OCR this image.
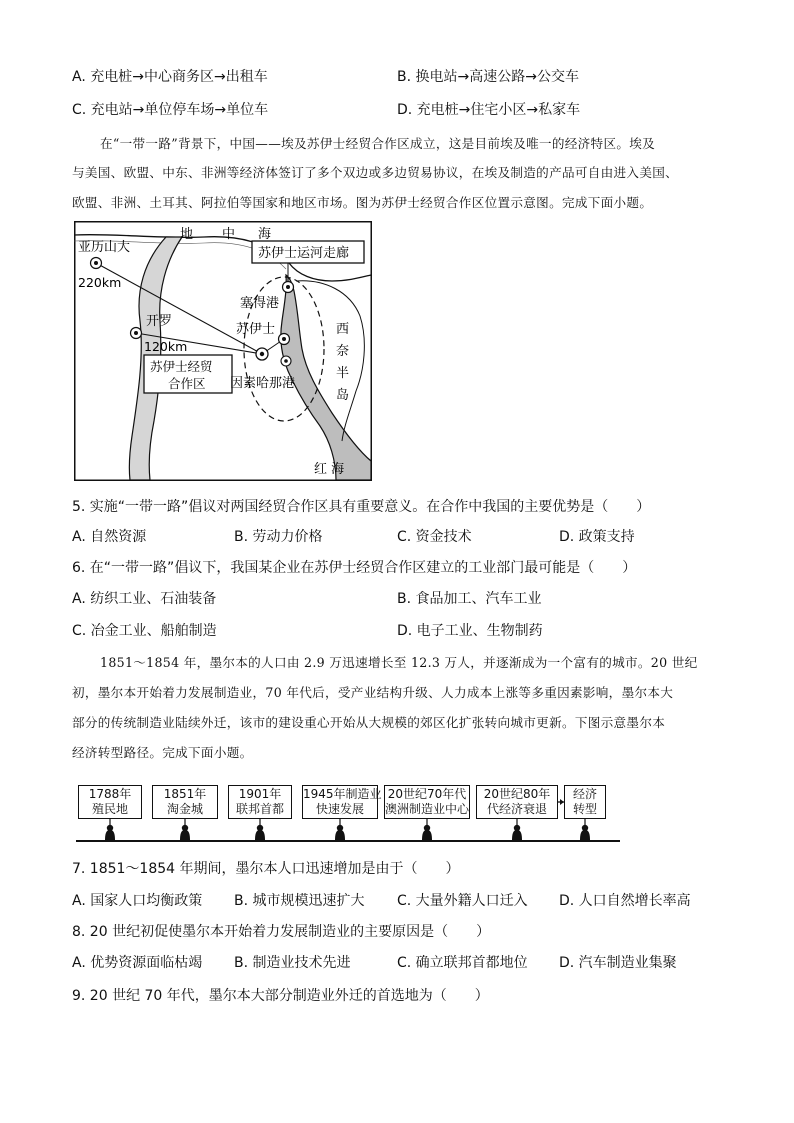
A. 充电桩→中心商务区→出租车	B. 换电站→高速公路→公交车
C. 充电站→单位停车场→单位车	D. 充电桩→住宅小区→私家车
在“一带一路”背景下，中国——埃及苏伊士经贸合作区成立，这是目前埃及唯一的经济特区。埃及
与美国、欧盟、中东、非洲等经济体签订了多个双边或多边贸易协议，在埃及制造的产品可自由进入美国、
欧盟、非洲、土耳其、阿拉伯等国家和地区市场。图为苏伊士经贸合作区位置示意图。完成下面小题。
地 中 海
亚历山大
220km
开罗
120km
苏伊士运河走廊
塞得港
苏伊士
苏伊士经贸
合作区 因素哈那港
西
奈
半
岛
红 海
5. 实施“一带一路”倡议对两国经贸合作区具有重要意义。在合作中我国的主要优势是（　　）
A. 自然资源	B. 劳动力价格	C. 资金技术	D. 政策支持
6. 在“一带一路”倡议下，我国某企业在苏伊士经贸合作区建立的工业部门最可能是（　　）
A. 纺织工业、石油装备	B. 食品加工、汽车工业
C. 冶金工业、船舶制造	D. 电子工业、生物制药
1851～1854 年，墨尔本的人口由 2.9 万迅速增长至 12.3 万人，并逐渐成为一个富有的城市。20 世纪
初，墨尔本开始着力发展制造业，70 年代后，受产业结构升级、人力成本上涨等多重因素影响，墨尔本大
部分的传统制造业陆续外迁，该市的建设重心开始从大规模的郊区化扩张转向城市更新。下图示意墨尔本
经济转型路径。完成下面小题。
1788年
殖民地
1851年
淘金城
1901年
联邦首都
1945年制造业
快速发展
20世纪70年代
澳洲制造业中心
20世纪80年
代经济衰退
经济
转型
7. 1851～1854 年期间，墨尔本人口迅速增加是由于（　　）
A. 国家人口均衡政策 B. 城市规模迅速扩大 C. 大量外籍人口迁入 D. 人口自然增长率高
8. 20 世纪初促使墨尔本开始着力发展制造业的主要原因是（　　）
A. 优势资源面临枯竭 B. 制造业技术先进	C. 确立联邦首都地位 D. 汽车制造业集聚
9. 20 世纪 70 年代，墨尔本大部分制造业外迁的首选地为（　　）
